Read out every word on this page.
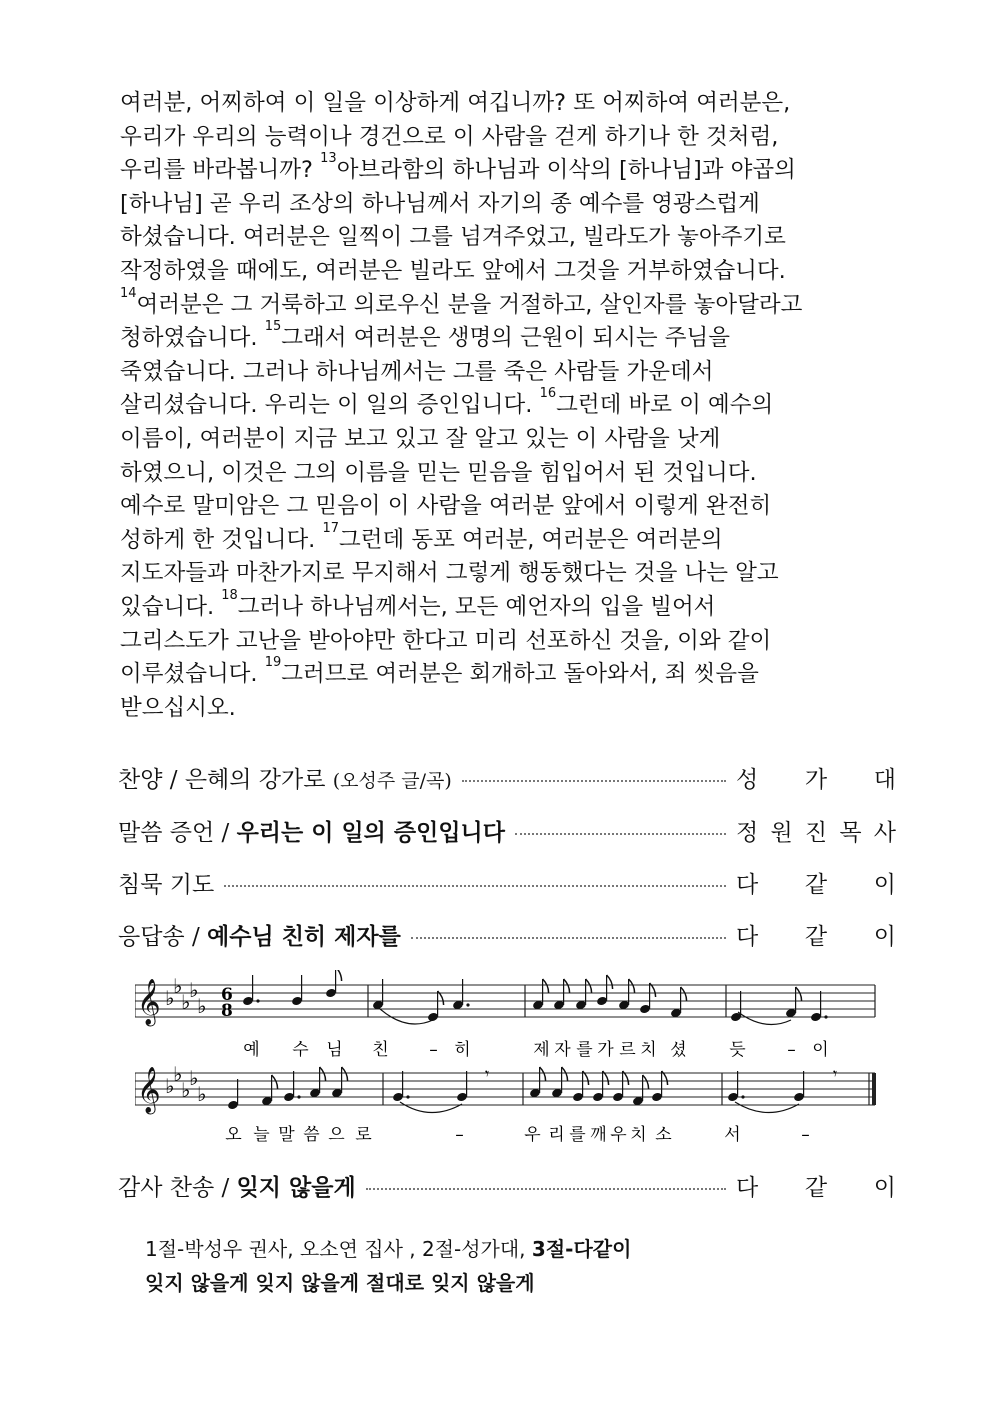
여러분, 어찌하여 이 일을 이상하게 여깁니까? 또 어찌하여 여러분은,
우리가 우리의 능력이나 경건으로 이 사람을 걷게 하기나 한 것처럼,
우리를 바라봅니까? $^{13}$아브라함의 하나님과 이삭의 [하나님]과 야곱의
[하나님] 곧 우리 조상의 하나님께서 자기의 종 예수를 영광스럽게
하셨습니다. 여러분은 일찍이 그를 넘겨주었고, 빌라도가 놓아주기로
작정하였을 때에도, 여러분은 빌라도 앞에서 그것을 거부하였습니다.
$^{14}$여러분은 그 거룩하고 의로우신 분을 거절하고, 살인자를 놓아달라고
청하였습니다. $^{15}$그래서 여러분은 생명의 근원이 되시는 주님을
죽였습니다. 그러나 하나님께서는 그를 죽은 사람들 가운데서
살리셨습니다. 우리는 이 일의 증인입니다. $^{16}$그런데 바로 이 예수의
이름이, 여러분이 지금 보고 있고 잘 알고 있는 이 사람을 낫게
하였으니, 이것은 그의 이름을 믿는 믿음을 힘입어서 된 것입니다.
예수로 말미암은 그 믿음이 이 사람을 여러분 앞에서 이렇게 완전히
성하게 한 것입니다. $^{17}$그런데 동포 여러분, 여러분은 여러분의
지도자들과 마찬가지로 무지해서 그렇게 행동했다는 것을 나는 알고
있습니다. $^{18}$그러나 하나님께서는, 모든 예언자의 입을 빌어서
그리스도가 고난을 받아야만 한다고 미리 선포하신 것을, 이와 같이
이루셨습니다. $^{19}$그러므로 여러분은 회개하고 돌아와서, 죄 씻음을
받으십시오.
찬양 / 은혜의 강가로 (오성주 글/곡)	성 가 대
말씀 증언 / 우리는 이 일의 증인입니다	정 원 진 목 사
침묵 기도	다 같 이
응답송 / 예수님 친히 제자를	다 같 이
𝄞 ♭
♭
♭
♭
♭ 6
8
예 수 님 친 – 히	제 자 를 가 르 치 셨 듯 – 이
𝄞 ♭
♭
♭
♭
♭
𝄾	𝄾
오 늘 말 씀 으 로	–	우 리 를 깨 우 치 소	서	–
감사 찬송 / 잊지 않을게	다 같 이
1절-박성우 권사, 오소연 집사 , 2절-성가대, 3절-다같이
잊지 않을게 잊지 않을게 절대로 잊지 않을게
